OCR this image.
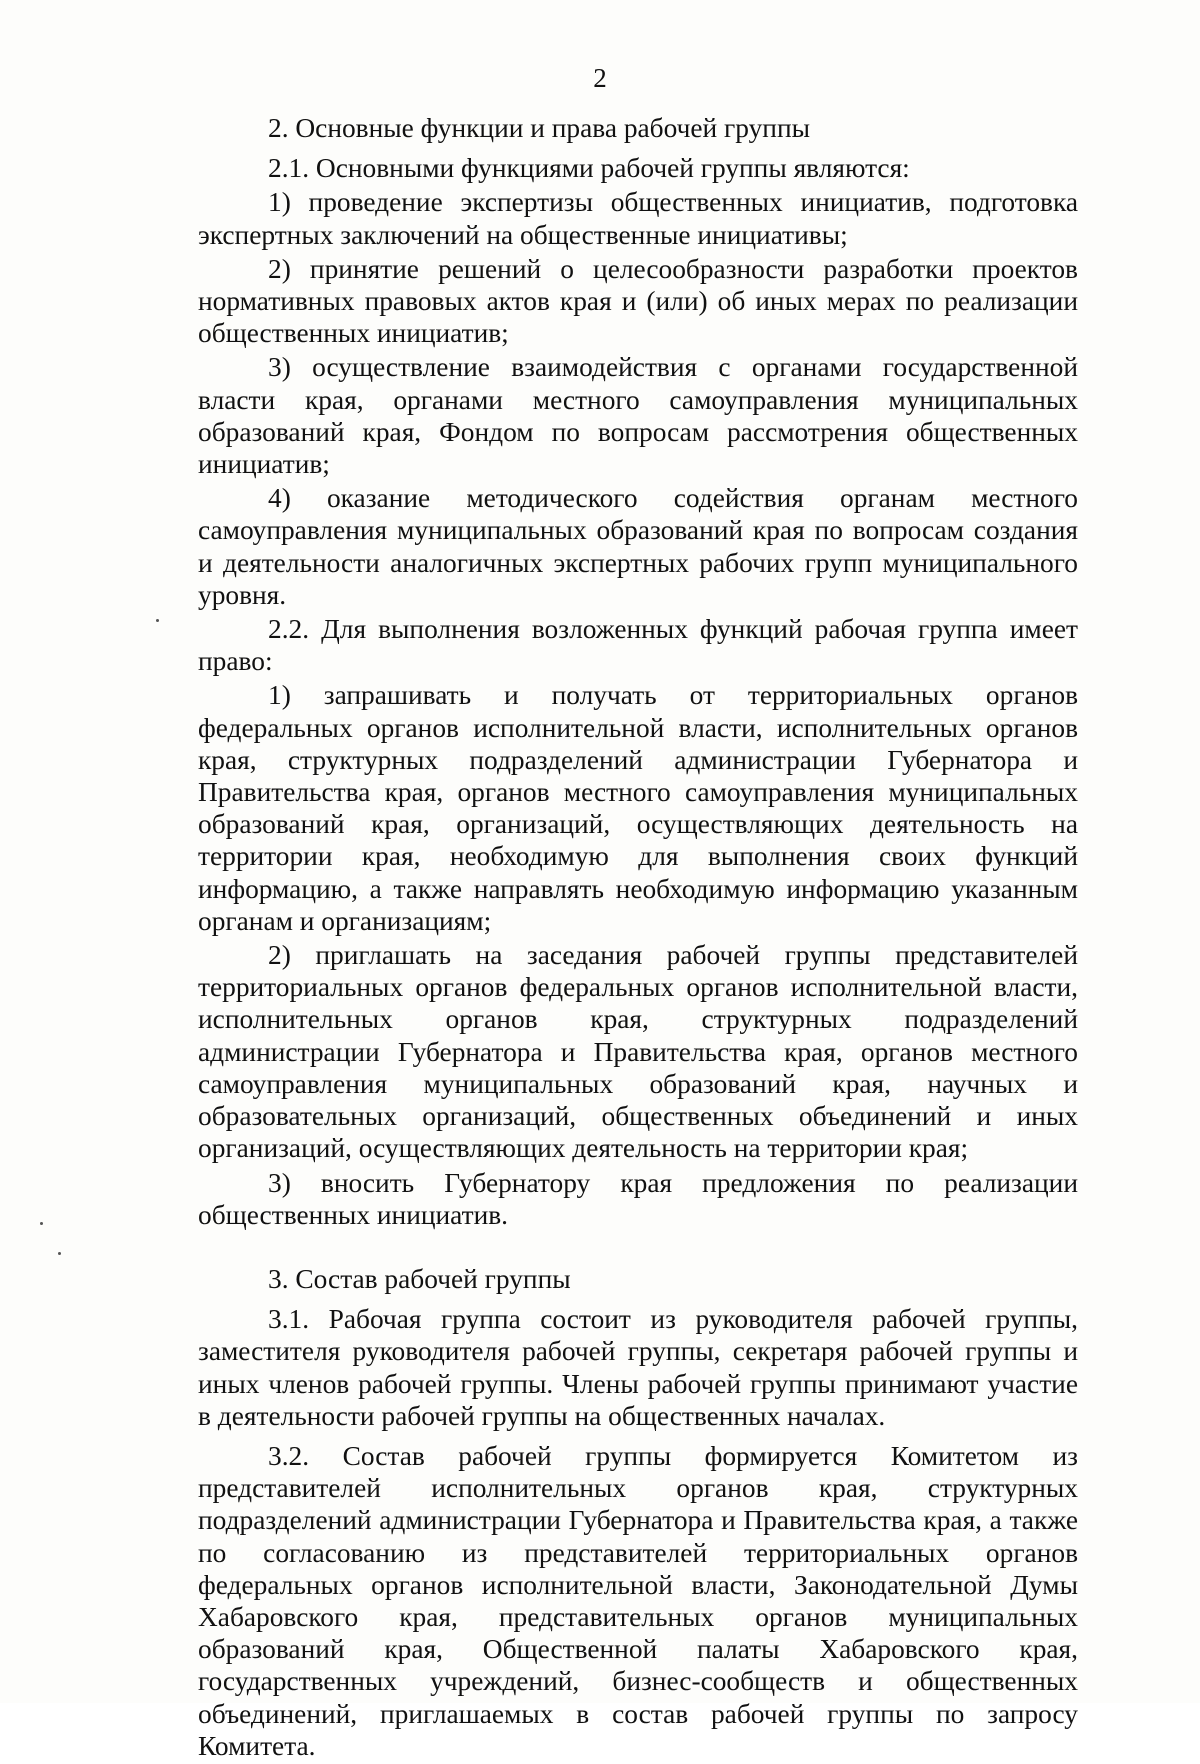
2

2. Основные функции и права рабочей группы

2.1. Основными функциями рабочей группы являются:

1) проведение экспертизы общественных инициатив, подготовка экспертных заключений на общественные инициативы;

2) принятие решений о целесообразности разработки проектов нормативных правовых актов края и (или) об иных мерах по реализации общественных инициатив;

3) осуществление взаимодействия с органами государственной власти края, органами местного самоуправления муниципальных образований края, Фондом по вопросам рассмотрения общественных инициатив;

4) оказание методического содействия органам местного самоуправления муниципальных образований края по вопросам создания и деятельности аналогичных экспертных рабочих групп муниципального уровня.

2.2. Для выполнения возложенных функций рабочая группа имеет право:

1) запрашивать и получать от территориальных органов федеральных органов исполнительной власти, исполнительных органов края, структурных подразделений администрации Губернатора и Правительства края, органов местного самоуправления муниципальных образований края, организаций, осуществляющих деятельность на территории края, необходимую для выполнения своих функций информацию, а также направлять необходимую информацию указанным органам и организациям;

2) приглашать на заседания рабочей группы представителей территориальных органов федеральных органов исполнительной власти, исполнительных органов края, структурных подразделений администрации Губернатора и Правительства края, органов местного самоуправления муниципальных образований края, научных и образовательных организаций, общественных объединений и иных организаций, осуществляющих деятельность на территории края;

3) вносить Губернатору края предложения по реализации общественных инициатив.

3. Состав рабочей группы

3.1. Рабочая группа состоит из руководителя рабочей группы, заместителя руководителя рабочей группы, секретаря рабочей группы и иных членов рабочей группы. Члены рабочей группы принимают участие в деятельности рабочей группы на общественных началах.

3.2. Состав рабочей группы формируется Комитетом из представителей исполнительных органов края, структурных подразделений администрации Губернатора и Правительства края, а также по согласованию из представителей территориальных органов федеральных органов исполнительной власти, Законодательной Думы Хабаровского края, представительных органов муниципальных образований края, Общественной палаты Хабаровского края, государственных учреждений, бизнес-сообществ и общественных объединений, приглашаемых в состав рабочей группы по запросу Комитета.
